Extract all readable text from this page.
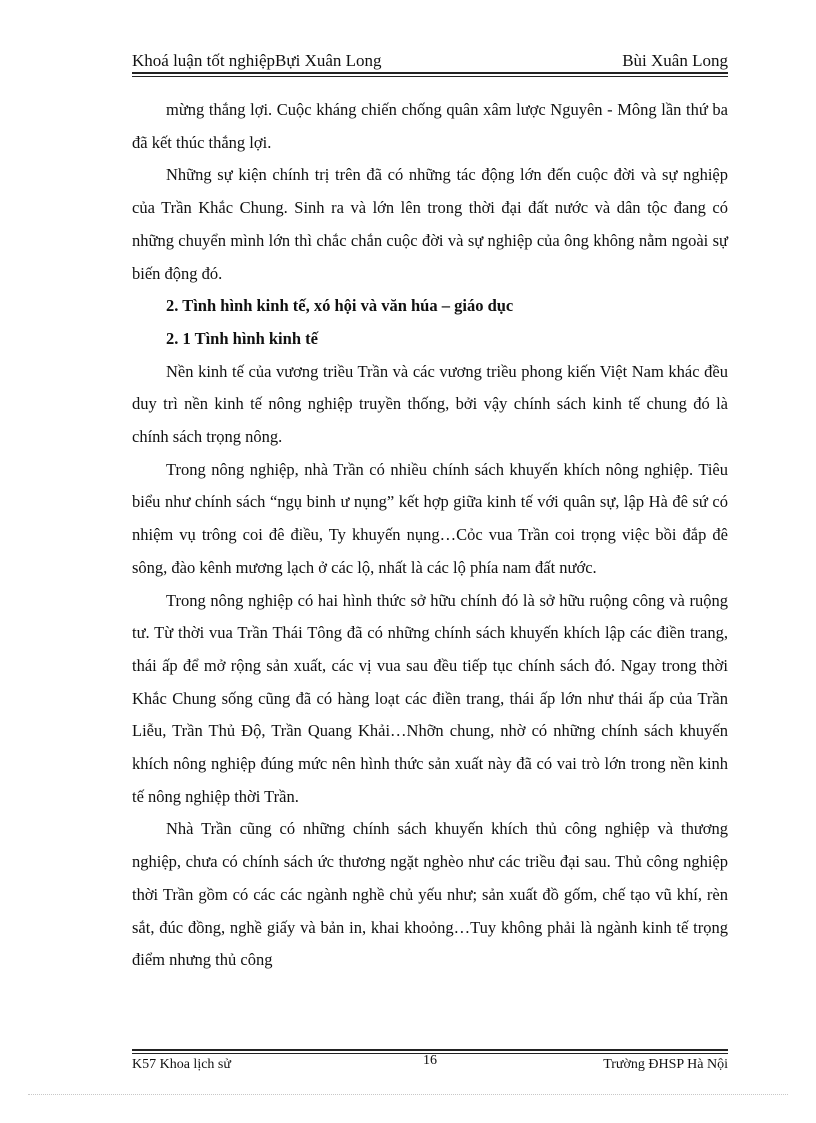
Khoá luận tốt nghiệpBựi Xuân Long	Bùi Xuân Long

mừng thắng lợi. Cuộc kháng chiến chống quân xâm lược Nguyên - Mông lần thứ ba đã kết thúc thắng lợi.

Những sự kiện chính trị trên đã có những tác động lớn đến cuộc đời và sự nghiệp của Trần Khắc Chung. Sinh ra và lớn lên trong thời đại đất nước và dân tộc đang có những chuyển mình lớn thì chắc chắn cuộc đời và sự nghiệp của ông không nằm ngoài sự biến động đó.

2. Tình hình kinh tế, xó hội và văn húa – giáo dục
2. 1 Tình hình kinh tế

Nền kinh tế của vương triều Trần và các vương triều phong kiến Việt Nam khác đều duy trì nền kinh tế nông nghiệp truyền thống, bởi vậy chính sách kinh tế chung đó là chính sách trọng nông.

Trong nông nghiệp, nhà Trần có nhiều chính sách khuyến khích nông nghiệp. Tiêu biểu như chính sách “ngụ binh ư nụng” kết hợp giữa kinh tế với quân sự, lập Hà đê sứ có nhiệm vụ trông coi đê điều, Ty khuyến nụng…Cỏc vua Trần coi trọng việc bồi đắp đê sông, đào kênh mương lạch ở các lộ, nhất là các lộ phía nam đất nước.

Trong nông nghiệp có hai hình thức sở hữu chính đó là sở hữu ruộng công và ruộng tư. Từ thời vua Trần Thái Tông đã có những chính sách khuyến khích lập các điền trang, thái ấp để mở rộng sản xuất, các vị vua sau đều tiếp tục chính sách đó. Ngay trong thời Khắc Chung sống cũng đã có hàng loạt các điền trang, thái ấp lớn như thái ấp của Trần Liễu, Trần Thủ Độ, Trần Quang Khải…Nhỡn chung, nhờ có những chính sách khuyến khích nông nghiệp đúng mức nên hình thức sản xuất này đã có vai trò lớn trong nền kinh tế nông nghiệp thời Trần.

Nhà Trần cũng có những chính sách khuyến khích thủ công nghiệp và thương nghiệp, chưa có chính sách ức thương ngặt nghèo như các triều đại sau. Thủ công nghiệp thời Trần gồm có các các ngành nghề chủ yếu như; sản xuất đồ gốm, chế tạo vũ khí, rèn sắt, đúc đồng, nghề giấy và bản in, khai khoỏng…Tuy không phải là ngành kinh tế trọng điểm nhưng thủ công

K57 Khoa lịch sử	16	Trường ĐHSP Hà Nội
